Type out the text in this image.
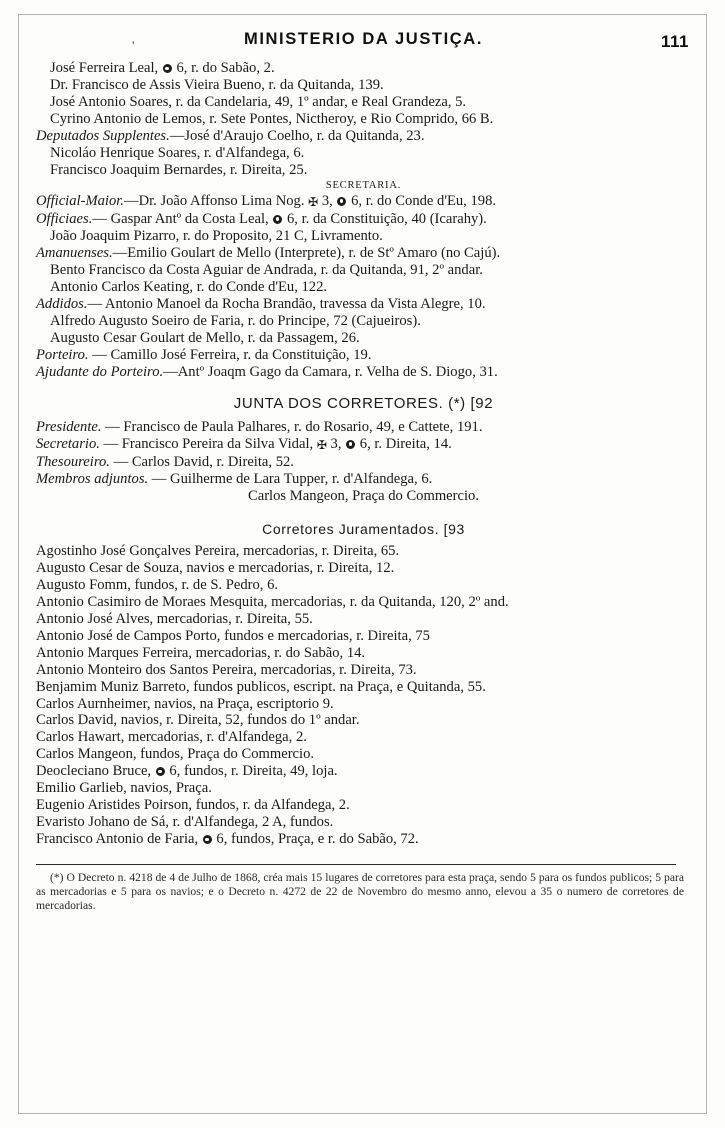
'	MINISTERIO DA JUSTIÇA.	111
José Ferreira Leal,  6, r. do Sabão, 2.
Dr. Francisco de Assis Vieira Bueno, r. da Quitanda, 139.
José Antonio Soares, r. da Candelaria, 49, 1º andar, e Real Grandeza, 5.
Cyrino Antonio de Lemos, r. Sete Pontes, Nictheroy, e Rio Comprido, 66 B.
Deputados Supplentes.—José d'Araujo Coelho, r. da Quitanda, 23.
Nicoláo Henrique Soares, r. d'Alfandega, 6.
Francisco Joaquim Bernardes, r. Direita, 25.
SECRETARIA.
Official-Maior.—Dr. João Affonso Lima Nog. ✠ 3,  6, r. do Conde d'Eu, 198.
Officiaes.— Gaspar Antº da Costa Leal,  6, r. da Constituição, 40 (Icarahy).
João Joaquim Pizarro, r. do Proposito, 21 C, Livramento.
Amanuenses.—Emilio Goulart de Mello (Interprete), r. de Stº Amaro (no Cajú).
Bento Francisco da Costa Aguiar de Andrada, r. da Quitanda, 91, 2º andar.
Antonio Carlos Keating, r. do Conde d'Eu, 122.
Addidos.— Antonio Manoel da Rocha Brandão, travessa da Vista Alegre, 10.
Alfredo Augusto Soeiro de Faria, r. do Principe, 72 (Cajueiros).
Augusto Cesar Goulart de Mello, r. da Passagem, 26.
Porteiro. — Camillo José Ferreira, r. da Constituição, 19.
Ajudante do Porteiro.—Antº Joaqm Gago da Camara, r. Velha de S. Diogo, 31.
JUNTA DOS CORRETORES. (*) [92
Presidente. — Francisco de Paula Palhares, r. do Rosario, 49, e Cattete, 191.
Secretario. — Francisco Pereira da Silva Vidal, ✠ 3,  6, r. Direita, 14.
Thesoureiro. — Carlos David, r. Direita, 52.
Membros adjuntos. — Guilherme de Lara Tupper, r. d'Alfandega, 6.
Carlos Mangeon, Praça do Commercio.
Corretores Juramentados. [93
Agostinho José Gonçalves Pereira, mercadorias, r. Direita, 65.
Augusto Cesar de Souza, navios e mercadorias, r. Direita, 12.
Augusto Fomm, fundos, r. de S. Pedro, 6.
Antonio Casimiro de Moraes Mesquita, mercadorias, r. da Quitanda, 120, 2º and.
Antonio José Alves, mercadorias, r. Direita, 55.
Antonio José de Campos Porto, fundos e mercadorias, r. Direita, 75
Antonio Marques Ferreira, mercadorias, r. do Sabão, 14.
Antonio Monteiro dos Santos Pereira, mercadorias, r. Direita, 73.
Benjamim Muniz Barreto, fundos publicos, escript. na Praça, e Quitanda, 55.
Carlos Aurnheimer, navios, na Praça, escriptorio 9.
Carlos David, navios, r. Direita, 52, fundos do 1º andar.
Carlos Hawart, mercadorias, r. d'Alfandega, 2.
Carlos Mangeon, fundos, Praça do Commercio.
Deocleciano Bruce,  6, fundos, r. Direita, 49, loja.
Emilio Garlieb, navios, Praça.
Eugenio Aristides Poirson, fundos, r. da Alfandega, 2.
Evaristo Johano de Sá, r. d'Alfandega, 2 A, fundos.
Francisco Antonio de Faria,  6, fundos, Praça, e r. do Sabão, 72.
(*) O Decreto n. 4218 de 4 de Julho de 1868, créa mais 15 lugares de corretores para esta praça, sendo 5 para os fundos publicos; 5 para as mercadorias e 5 para os navios; e o Decreto n. 4272 de 22 de Novembro do mesmo anno, elevou a 35 o numero de corretores de mercadorias.
